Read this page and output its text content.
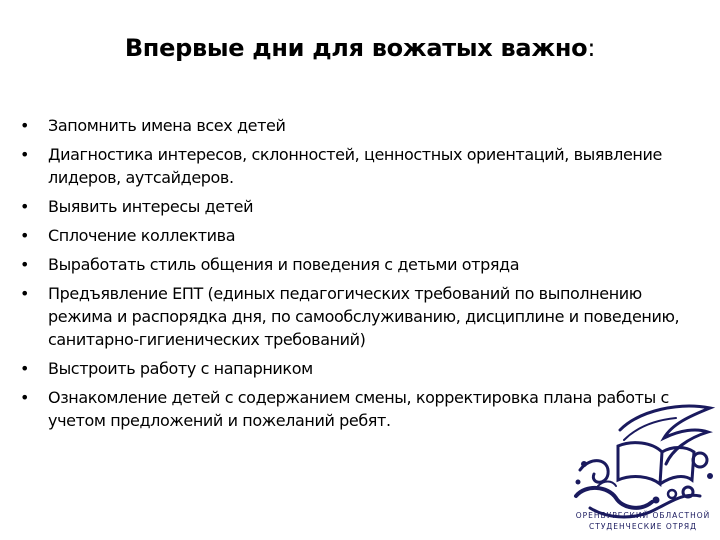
Впервые дни для вожатых важно:
• Запомнить имена всех детей
• Диагностика интересов, склонностей, ценностных ориентаций, выявление лидеров, аутсайдеров.
• Выявить интересы детей
• Сплочение коллектива
• Выработать стиль общения и поведения с детьми отряда
• Предъявление ЕПТ (единых педагогических требований по выполнению режима и распорядка дня, по самообслуживанию, дисциплине и поведению, санитарно-гигиенических требований)
• Выстроить работу с напарником
• Ознакомление детей с содержанием смены, корректировка плана работы с учетом предложений и пожеланий ребят.
ОРЕНБУРГСКИЙ ОБЛАСТНОЙ
СТУДЕНЧЕСКИЕ ОТРЯД
